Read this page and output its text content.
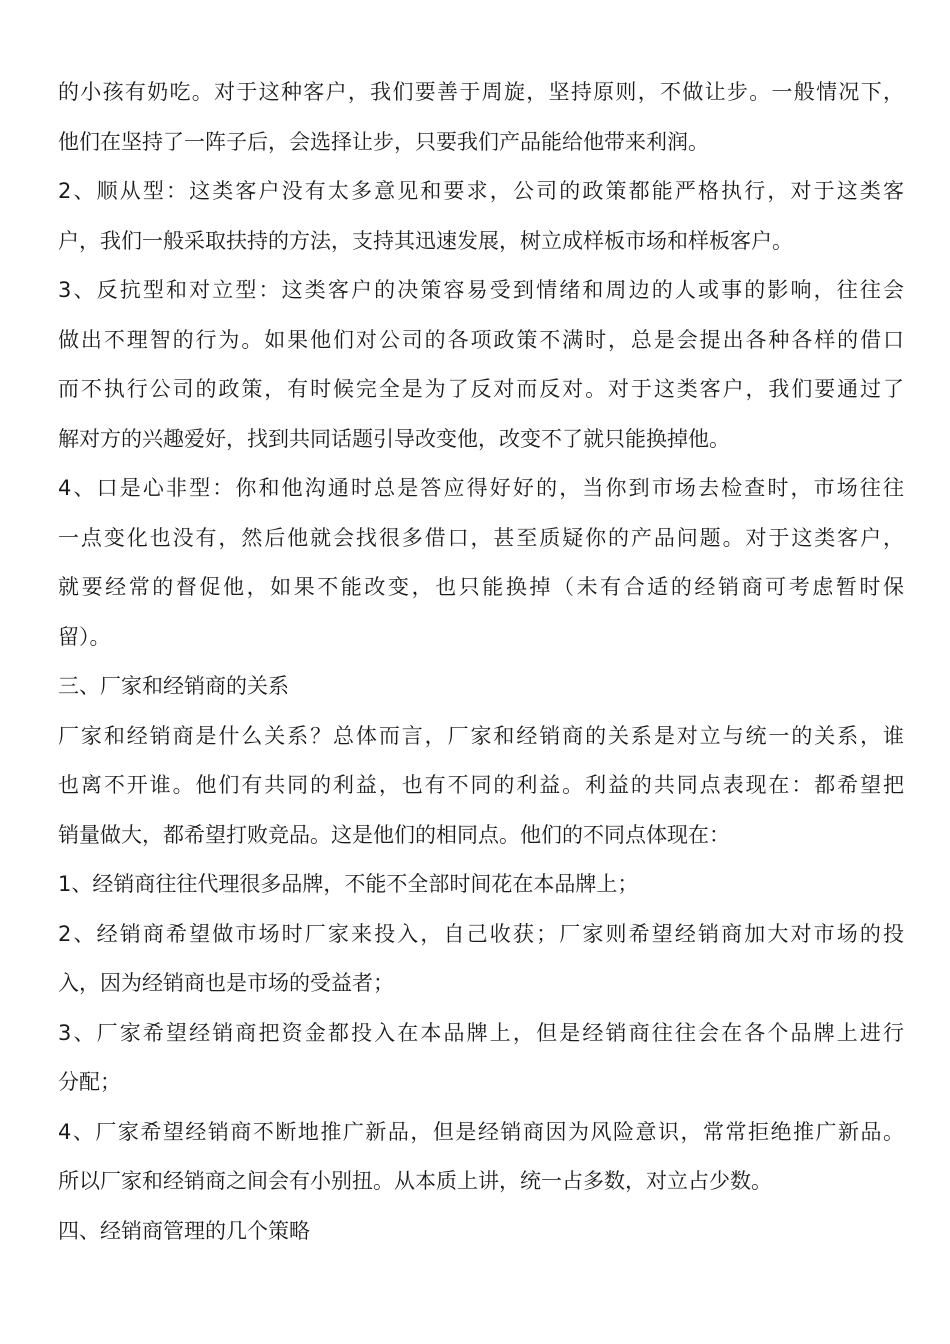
的小孩有奶吃。对于这种客户，我们要善于周旋，坚持原则，不做让步。一般情况下，

他们在坚持了一阵子后，会选择让步，只要我们产品能给他带来利润。

2、顺从型：这类客户没有太多意见和要求，公司的政策都能严格执行，对于这类客

户，我们一般采取扶持的方法，支持其迅速发展，树立成样板市场和样板客户。

3、反抗型和对立型：这类客户的决策容易受到情绪和周边的人或事的影响，往往会

做出不理智的行为。如果他们对公司的各项政策不满时，总是会提出各种各样的借口

而不执行公司的政策，有时候完全是为了反对而反对。对于这类客户，我们要通过了

解对方的兴趣爱好，找到共同话题引导改变他，改变不了就只能换掉他。

4、口是心非型：你和他沟通时总是答应得好好的，当你到市场去检查时，市场往往

一点变化也没有，然后他就会找很多借口，甚至质疑你的产品问题。对于这类客户，

就要经常的督促他，如果不能改变，也只能换掉（未有合适的经销商可考虑暂时保

留）。

三、厂家和经销商的关系

厂家和经销商是什么关系？总体而言，厂家和经销商的关系是对立与统一的关系，谁

也离不开谁。他们有共同的利益，也有不同的利益。利益的共同点表现在：都希望把

销量做大，都希望打败竞品。这是他们的相同点。他们的不同点体现在：

1、经销商往往代理很多品牌，不能不全部时间花在本品牌上；

2、经销商希望做市场时厂家来投入，自己收获；厂家则希望经销商加大对市场的投

入，因为经销商也是市场的受益者；

3、厂家希望经销商把资金都投入在本品牌上，但是经销商往往会在各个品牌上进行

分配；

4、厂家希望经销商不断地推广新品，但是经销商因为风险意识，常常拒绝推广新品。

所以厂家和经销商之间会有小别扭。从本质上讲，统一占多数，对立占少数。

四、经销商管理的几个策略
